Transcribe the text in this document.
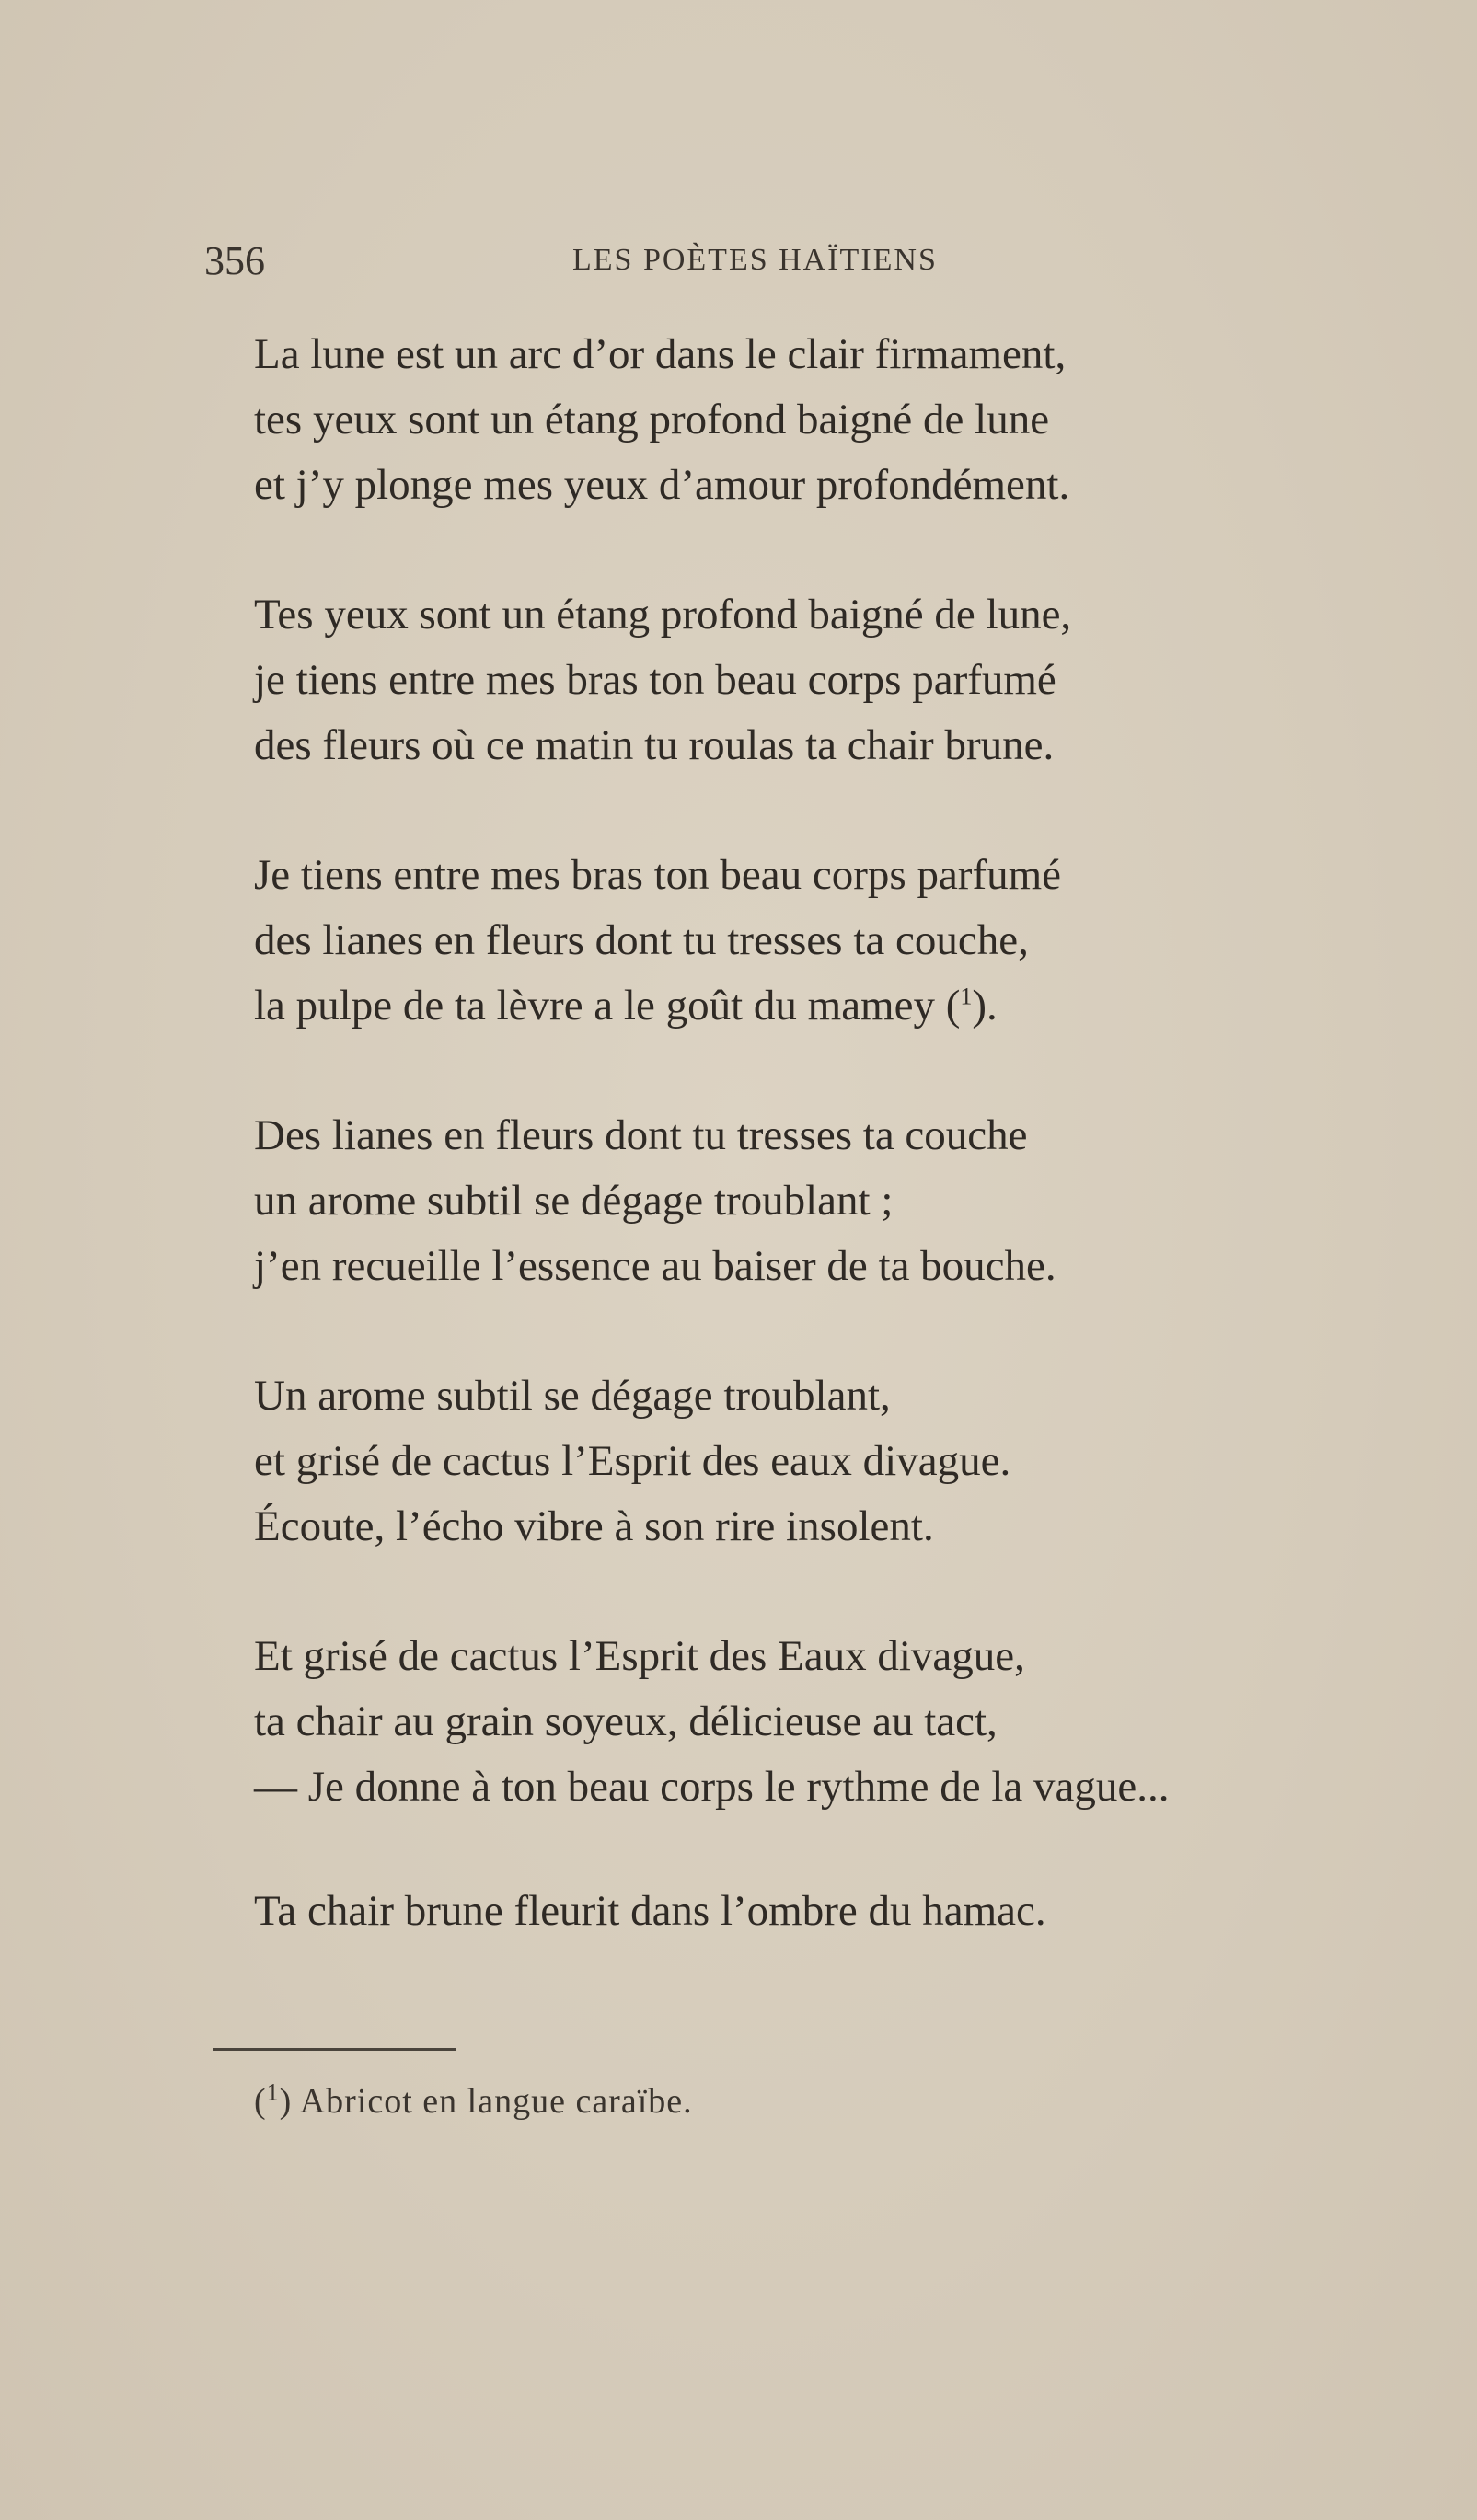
356	LES POÈTES HAÏTIENS
La lune est un arc d’or dans le clair firmament,
tes yeux sont un étang profond baigné de lune
et j’y plonge mes yeux d’amour profondément.
Tes yeux sont un étang profond baigné de lune,
je tiens entre mes bras ton beau corps parfumé
des fleurs où ce matin tu roulas ta chair brune.
Je tiens entre mes bras ton beau corps parfumé
des lianes en fleurs dont tu tresses ta couche,
la pulpe de ta lèvre a le goût du mamey ($^1$).
Des lianes en fleurs dont tu tresses ta couche
un arome subtil se dégage troublant ;
j’en recueille l’essence au baiser de ta bouche.
Un arome subtil se dégage troublant,
et grisé de cactus l’Esprit des eaux divague.
Écoute, l’écho vibre à son rire insolent.
Et grisé de cactus l’Esprit des Eaux divague,
ta chair au grain soyeux, délicieuse au tact,
— Je donne à ton beau corps le rythme de la vague...
Ta chair brune fleurit dans l’ombre du hamac.
($^1$) Abricot en langue caraïbe.
